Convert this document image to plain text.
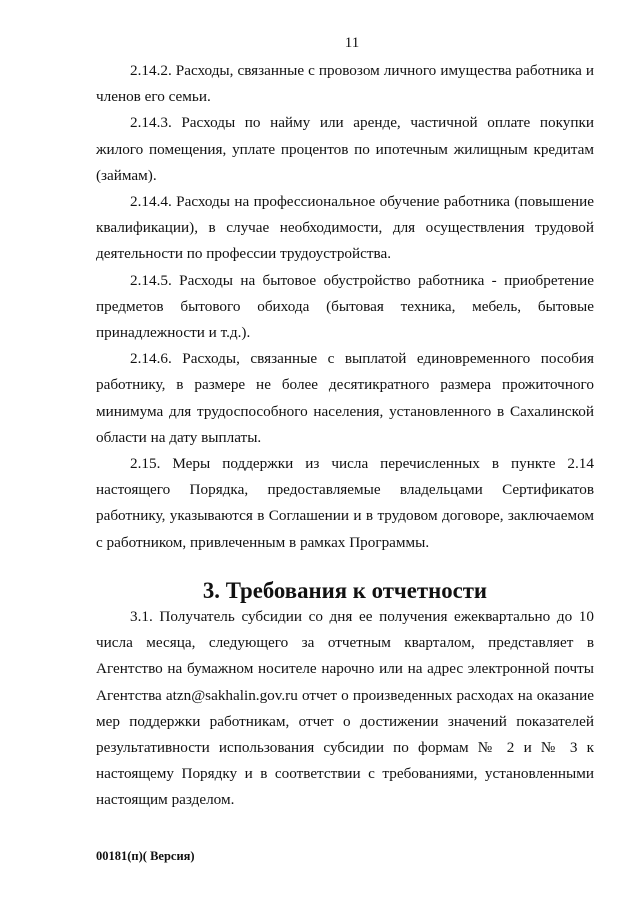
11

2.14.2. Расходы, связанные с провозом личного имущества работника и членов его семьи.

2.14.3. Расходы по найму или аренде, частичной оплате покупки жилого помещения, уплате процентов по ипотечным жилищным кредитам (займам).

2.14.4. Расходы на профессиональное обучение работника (повышение квалификации), в случае необходимости, для осуществления трудовой деятельности по профессии трудоустройства.

2.14.5. Расходы на бытовое обустройство работника - приобретение предметов бытового обихода (бытовая техника, мебель, бытовые принадлежности и т.д.).

2.14.6. Расходы, связанные с выплатой единовременного пособия работнику, в размере не более десятикратного размера прожиточного минимума для трудоспособного населения, установленного в Сахалинской области на дату выплаты.

2.15. Меры поддержки из числа перечисленных в пункте 2.14 настоящего Порядка, предоставляемые владельцами Сертификатов работнику, указываются в Соглашении и в трудовом договоре, заключаемом с работником, привлеченным в рамках Программы.

3. Требования к отчетности

3.1. Получатель субсидии со дня ее получения ежеквартально до 10 числа месяца, следующего за отчетным кварталом, представляет в Агентство на бумажном носителе нарочно или на адрес электронной почты Агентства atzn@sakhalin.gov.ru отчет о произведенных расходах на оказание мер поддержки работникам, отчет о достижении значений показателей результативности использования субсидии по формам № 2 и № 3 к настоящему Порядку и в соответствии с требованиями, установленными настоящим разделом.

00181(п)( Версия)
